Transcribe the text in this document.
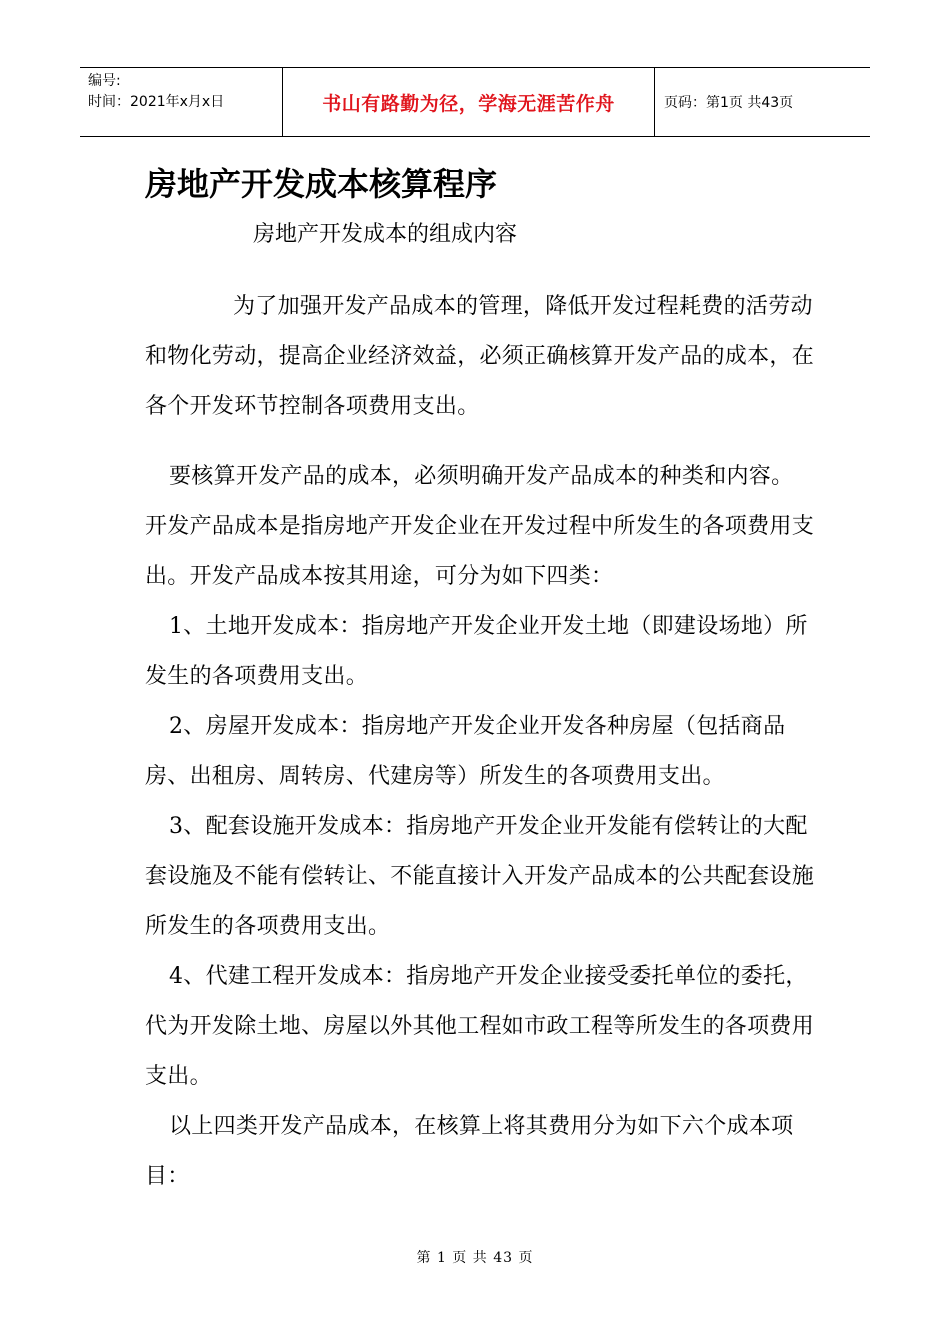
编号:
时间：2021年x月x日	书山有路勤为径，学海无涯苦作舟	页码：第1页 共43页
房地产开发成本核算程序

房地产开发成本的组成内容

为了加强开发产品成本的管理，降低开发过程耗费的活劳动和物化劳动，提高企业经济效益，必须正确核算开发产品的成本，在各个开发环节控制各项费用支出。

要核算开发产品的成本，必须明确开发产品成本的种类和内容。开发产品成本是指房地产开发企业在开发过程中所发生的各项费用支出。开发产品成本按其用途，可分为如下四类：

1、土地开发成本：指房地产开发企业开发土地（即建设场地）所发生的各项费用支出。

2、房屋开发成本：指房地产开发企业开发各种房屋（包括商品房、出租房、周转房、代建房等）所发生的各项费用支出。

3、配套设施开发成本：指房地产开发企业开发能有偿转让的大配套设施及不能有偿转让、不能直接计入开发产品成本的公共配套设施所发生的各项费用支出。

4、代建工程开发成本：指房地产开发企业接受委托单位的委托，代为开发除土地、房屋以外其他工程如市政工程等所发生的各项费用支出。

以上四类开发产品成本，在核算上将其费用分为如下六个成本项目：

第 1 页 共 43 页
